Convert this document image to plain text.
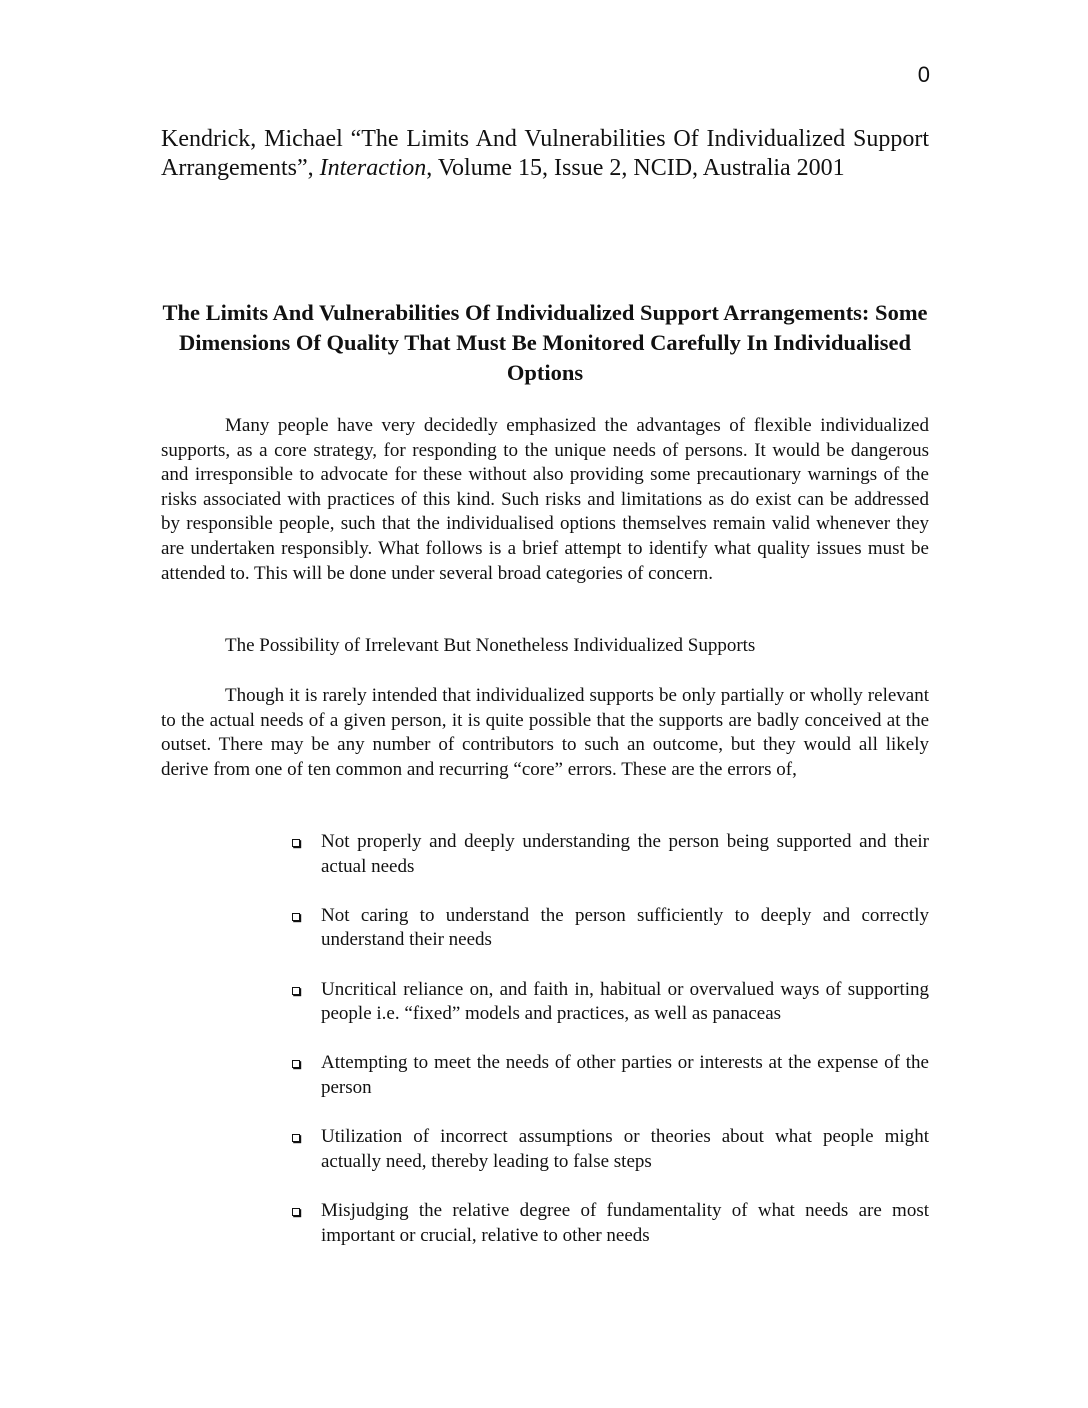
0

Kendrick, Michael “The Limits And Vulnerabilities Of Individualized Support Arrangements”, Interaction, Volume 15, Issue 2, NCID, Australia 2001

The Limits And Vulnerabilities Of Individualized Support Arrangements: Some Dimensions Of Quality That Must Be Monitored Carefully In Individualised Options

Many people have very decidedly emphasized the advantages of flexible individualized supports, as a core strategy, for responding to the unique needs of persons. It would be dangerous and irresponsible to advocate for these without also providing some precautionary warnings of the risks associated with practices of this kind. Such risks and limitations as do exist can be addressed by responsible people, such that the individualised options themselves remain valid whenever they are undertaken responsibly. What follows is a brief attempt to identify what quality issues must be attended to. This will be done under several broad categories of concern.

The Possibility of Irrelevant But Nonetheless Individualized Supports

Though it is rarely intended that individualized supports be only partially or wholly relevant to the actual needs of a given person, it is quite possible that the supports are badly conceived at the outset. There may be any number of contributors to such an outcome, but they would all likely derive from one of ten common and recurring “core” errors. These are the errors of,

Not properly and deeply understanding the person being supported and their actual needs
Not caring to understand the person sufficiently to deeply and correctly understand their needs
Uncritical reliance on, and faith in, habitual or overvalued ways of supporting people i.e. “fixed” models and practices, as well as panaceas
Attempting to meet the needs of other parties or interests at the expense of the person
Utilization of incorrect assumptions or theories about what people might actually need, thereby leading to false steps
Misjudging the relative degree of fundamentality of what needs are most important or crucial, relative to other needs
